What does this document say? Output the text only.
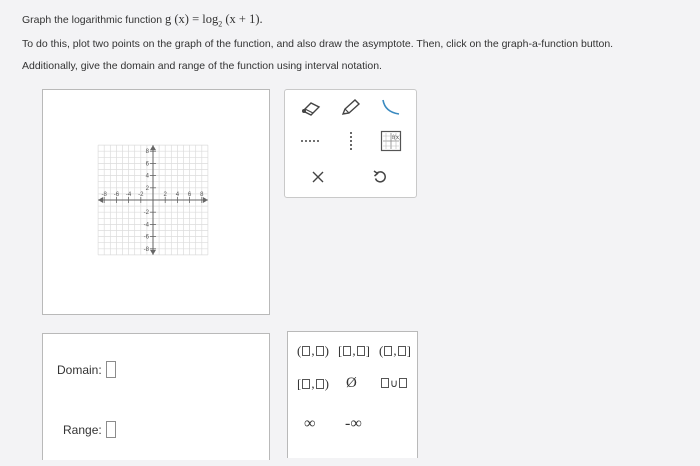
Graph the logarithmic function g $(x) = \log_2 (x + 1)$.
To do this, plot two points on the graph of the function, and also draw the asymptote. Then, click on the graph-a-function button.
Additionally, give the domain and range of the function using interval notation.
-8 -6 -4 -2	2 4 6 8
8
6
4
2
-2
-4
-6
-8
f(x)
Domain:
Range:
( , ) [ , ] ( , ]
[ , ) Ø	∪
∞ -∞
